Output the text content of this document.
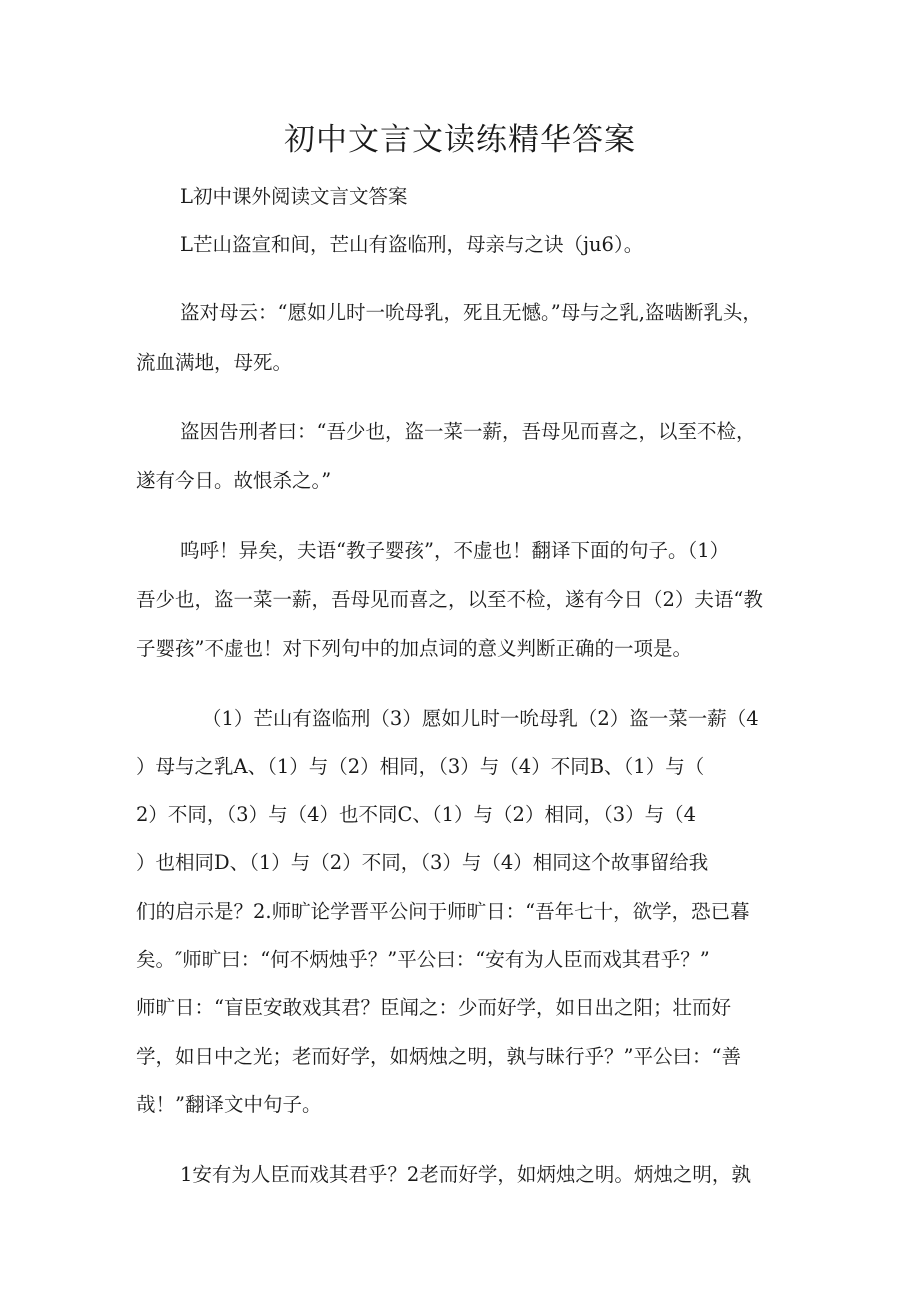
初中文言文读练精华答案
L初中课外阅读文言文答案
L芒山盗宣和间，芒山有盗临刑，母亲与之诀（ju6）。
盗对母云：“愿如儿时一吮母乳，死且无憾。”母与之乳,盗啮断乳头，
流血满地，母死。
盗因告刑者曰：“吾少也，盗一菜一薪，吾母见而喜之，以至不检，
遂有今日。故恨杀之。”
呜呼！异矣，夫语“教子婴孩”，不虚也！翻译下面的句子。（1）
吾少也，盗一菜一薪，吾母见而喜之，以至不检，遂有今日（2）夫语“教
子婴孩”不虚也！对下列句中的加点词的意义判断正确的一项是。
（1）芒山有盗临刑（3）愿如儿时一吮母乳（2）盗一菜一薪（4
）母与之乳A、（1）与（2）相同，（3）与（4）不同B、（1）与（
2）不同，（3）与（4）也不同C、（1）与（2）相同，（3）与（4
）也相同D、（1）与（2）不同，（3）与（4）相同这个故事留给我
们的启示是？2.师旷论学晋平公问于师旷日：“吾年七十，欲学，恐已暮
矣。″师旷曰：“何不炳烛乎？”平公曰：“安有为人臣而戏其君乎？”
师旷日：“盲臣安敢戏其君？臣闻之：少而好学，如日出之阳；壮而好
学，如日中之光；老而好学，如炳烛之明，孰与昧行乎？”平公曰：“善
哉！”翻译文中句子。
1安有为人臣而戏其君乎？2老而好学，如炳烛之明。炳烛之明，孰
